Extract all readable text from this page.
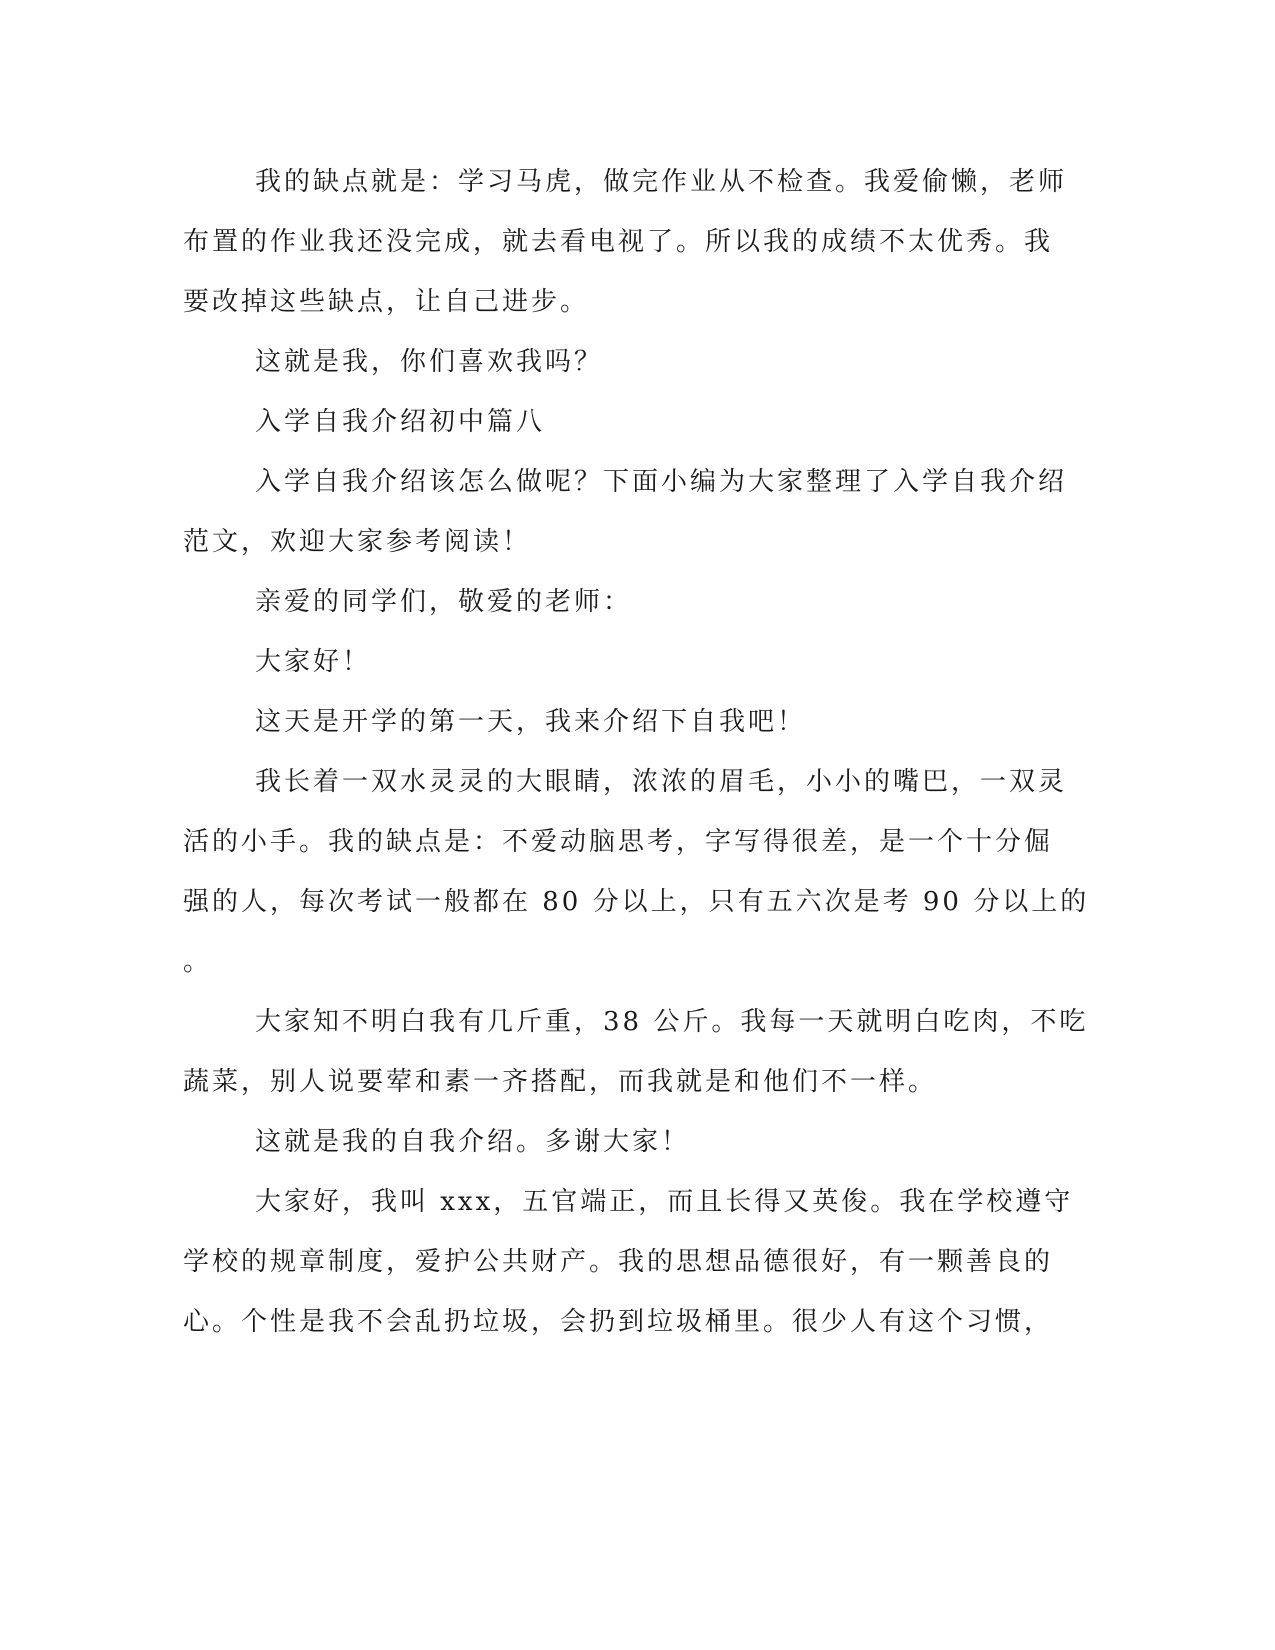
我的缺点就是：学习马虎，做完作业从不检查。我爱偷懒，老师
布置的作业我还没完成，就去看电视了。所以我的成绩不太优秀。我
要改掉这些缺点，让自己进步。

这就是我，你们喜欢我吗？

入学自我介绍初中篇八

入学自我介绍该怎么做呢？下面小编为大家整理了入学自我介绍
范文，欢迎大家参考阅读！

亲爱的同学们，敬爱的老师：

大家好！

这天是开学的第一天，我来介绍下自我吧！

我长着一双水灵灵的大眼睛，浓浓的眉毛，小小的嘴巴，一双灵
活的小手。我的缺点是：不爱动脑思考，字写得很差，是一个十分倔
强的人，每次考试一般都在 80 分以上，只有五六次是考 90 分以上的
。

大家知不明白我有几斤重，38 公斤。我每一天就明白吃肉，不吃
蔬菜，别人说要荤和素一齐搭配，而我就是和他们不一样。

这就是我的自我介绍。多谢大家！

大家好，我叫 xxx，五官端正，而且长得又英俊。我在学校遵守
学校的规章制度，爱护公共财产。我的思想品德很好，有一颗善良的
心。个性是我不会乱扔垃圾，会扔到垃圾桶里。很少人有这个习惯，
